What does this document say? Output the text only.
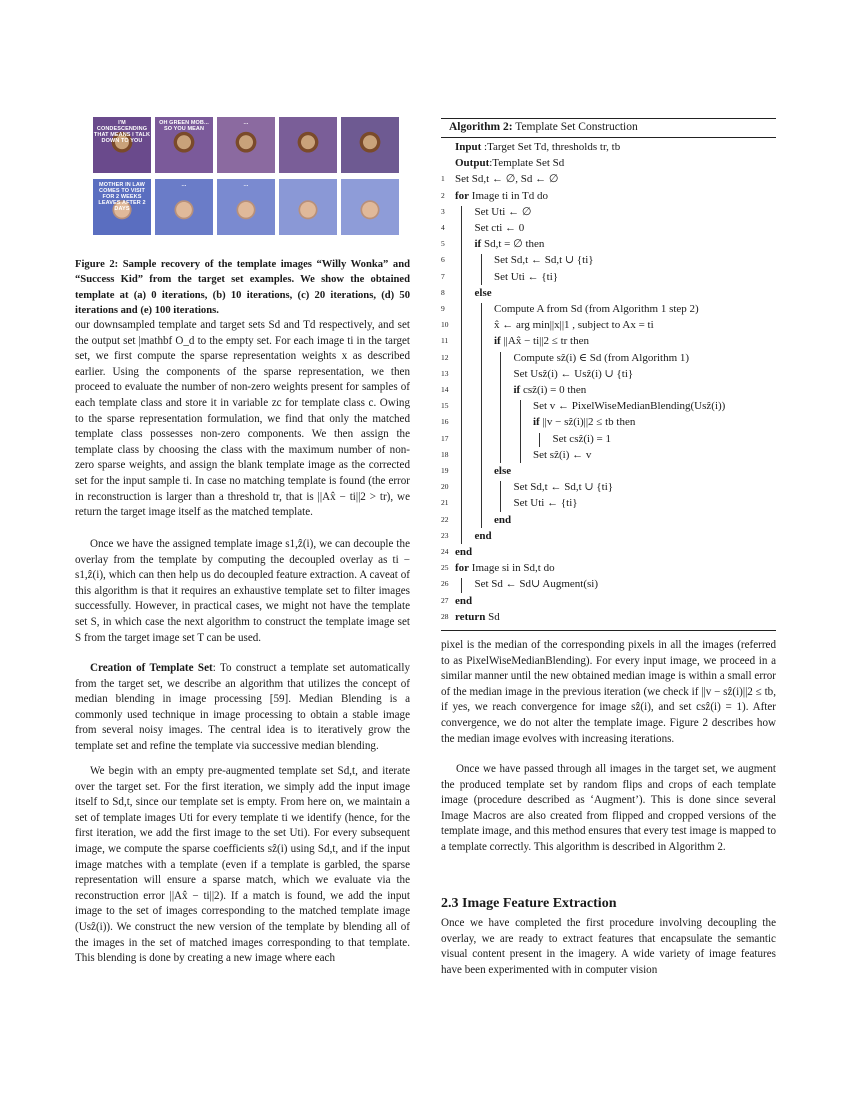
I'M CONDESCENDING THAT MEANS I TALK DOWN TO YOU
OH GREEN MOB... SO YOU MEAN
...
MOTHER IN LAW COMES TO VISIT FOR 2 WEEKS LEAVES AFTER 2 DAYS
...	...
Figure 2: Sample recovery of the template images “Willy Wonka” and “Success Kid” from the target set examples. We show the obtained template at (a) 0 iterations, (b) 10 iterations, (c) 20 iterations, (d) 50 iterations and (e) 100 iterations.

our downsampled template and target sets Sd and Td respectively, and set the output set |mathbf O_d to the empty set. For each image ti in the target set, we first compute the sparse representation weights x as described earlier. Using the components of the sparse representation, we then proceed to evaluate the number of non-zero weights present for samples of each template class and store it in variable zc for template class c. Owing to the sparse representation formulation, we find that only the matched template class possesses non-zero components. We then assign the template class by choosing the class with the maximum number of non-zero sparse weights, and assign the blank template image as the corrected set for the input sample ti. In case no matching template is found (the error in reconstruction is larger than a threshold tr, that is ||Ax̂ − ti||2 > tr), we return the target image itself as the matched template.

Once we have the assigned template image s1,ẑ(i), we can decouple the overlay from the template by computing the decoupled overlay as ti − s1,ẑ(i), which can then help us do decoupled feature extraction. A caveat of this algorithm is that it requires an exhaustive template set to filter images successfully. However, in practical cases, we might not have the template set S, in which case the next algorithm to construct the template image set S from the target image set T can be used.

Creation of Template Set: To construct a template set automatically from the target set, we describe an algorithm that utilizes the concept of median blending in image processing [59]. Median Blending is a commonly used technique in image processing to obtain a stable image from several noisy images. The central idea is to iteratively grow the template set and refine the template via successive median blending.

We begin with an empty pre-augmented template set Sd,t, and iterate over the target set. For the first iteration, we simply add the input image itself to Sd,t, since our template set is empty. From here on, we maintain a set of template images Uti for every template ti we identify (hence, for the first iteration, we add the first image to the set Uti). For every subsequent image, we compute the sparse coefficients sẑ(i) using Sd,t, and if the input image matches with a template (even if a template is garbled, the sparse representation will ensure a sparse match, which we evaluate via the reconstruction error ||Ax̂ − ti||2). If a match is found, we add the input image to the set of images corresponding to the matched template image (Usẑ(i)). We construct the new version of the template by blending all of the images in the set of matched images corresponding to that template. This blending is done by creating a new image where each

Algorithm 2: Template Set Construction
Input :Target Set Td, thresholds tr, tb
Output:Template Set Sd
1 Set Sd,t ← ∅, Sd ← ∅
2 for Image ti in Td do
3	Set Uti ← ∅
4	Set cti ← 0
5	if Sd,t = ∅ then
6	Set Sd,t ← Sd,t ∪ {ti}
7	Set Uti ← {ti}
8	else
9	Compute A from Sd (from Algorithm 1 step 2)
10	x̂ ← arg min||x||1 , subject to Ax = ti
11	if ||Ax̂ − ti||2 ≤ tr then
12	Compute sẑ(i) ∈ Sd (from Algorithm 1)
13	Set Usẑ(i) ← Usẑ(i) ∪ {ti}
14	if csẑ(i) = 0 then
15	Set v ← PixelWiseMedianBlending(Usẑ(i))
16	if ||v − sẑ(i)||2 ≤ tb then
17	Set csẑ(i) = 1
18	Set sẑ(i) ← v
19	else
20	Set Sd,t ← Sd,t ∪ {ti}
21	Set Uti ← {ti}
22	end
23 end
24 end
25 for Image si in Sd,t do
26 Set Sd ← Sd∪ Augment(si)
27 end
28 return Sd

pixel is the median of the corresponding pixels in all the images (referred to as PixelWiseMedianBlending). For every input image, we proceed in a similar manner until the new obtained median image is within a small error of the median image in the previous iteration (we check if ||v − sẑ(i)||2 ≤ tb, if yes, we reach convergence for image sẑ(i), and set csẑ(i) = 1). After convergence, we do not alter the template image. Figure 2 describes how the median image evolves with increasing iterations.

Once we have passed through all images in the target set, we augment the produced template set by random flips and crops of each template image (procedure described as ‘Augment’). This is done since several Image Macros are also created from flipped and cropped versions of the template image, and this method ensures that every test image is mapped to a template correctly. This algorithm is described in Algorithm 2.

2.3 Image Feature Extraction

Once we have completed the first procedure involving decoupling the overlay, we are ready to extract features that encapsulate the semantic visual content present in the imagery. A wide variety of image features have been experimented with in computer vision
